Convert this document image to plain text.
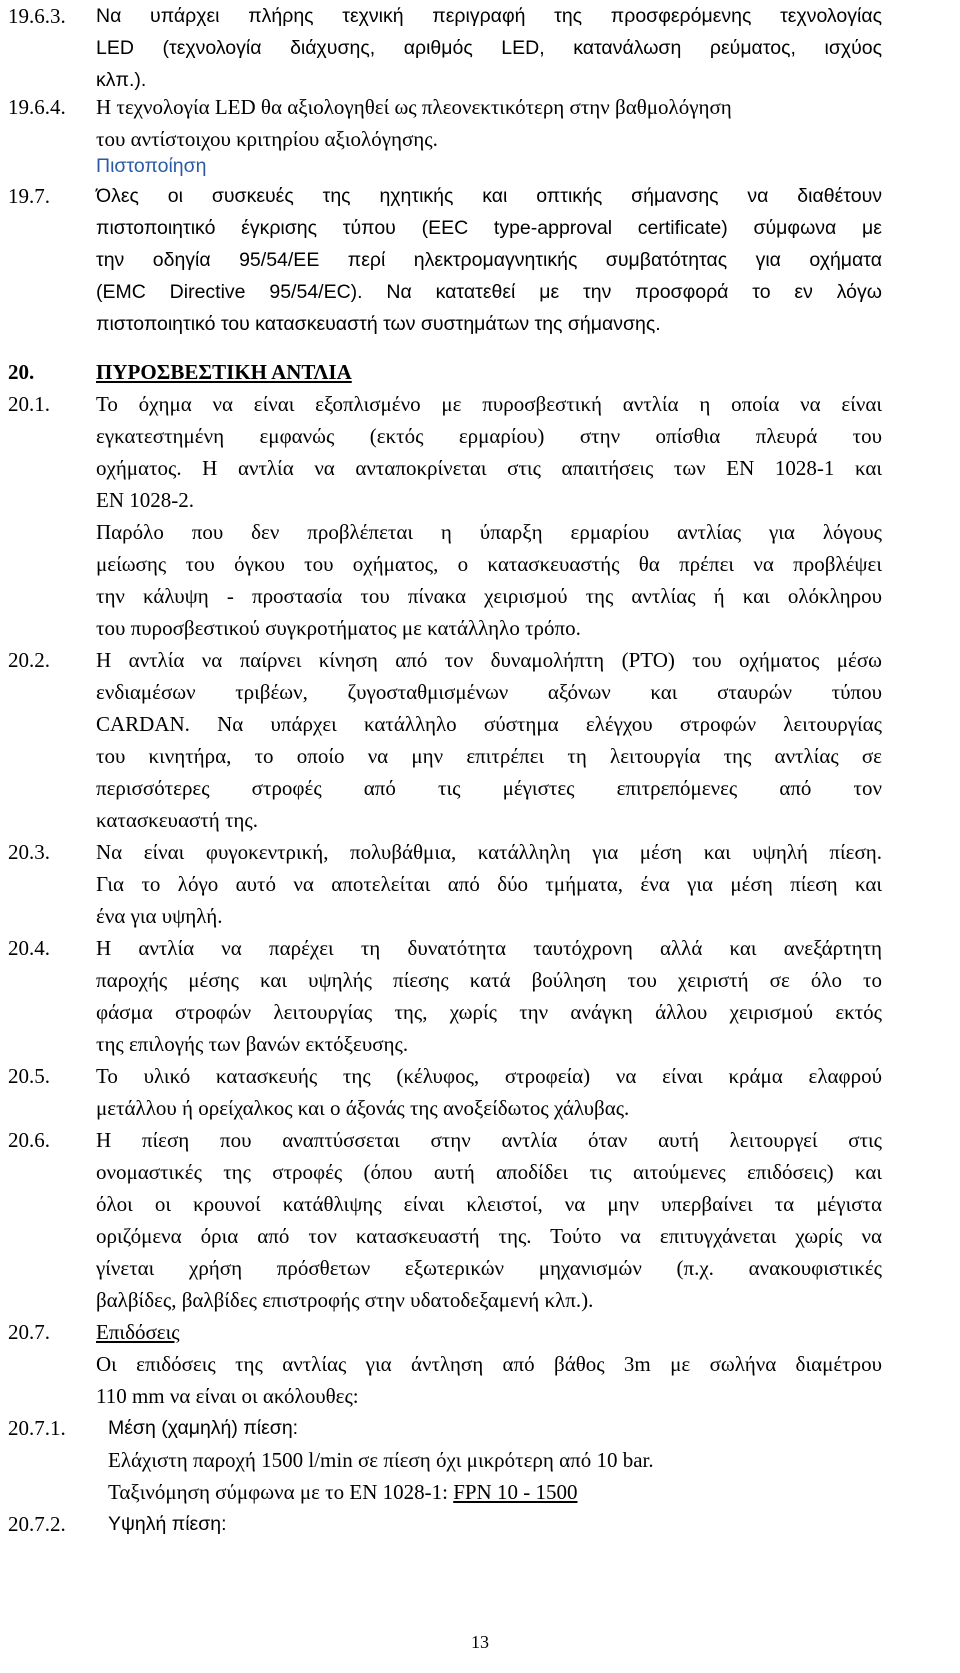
19.6.3. Να υπάρχει πλήρης τεχνική περιγραφή της προσφερόμενης τεχνολογίας
LED (τεχνολογία διάχυσης, αριθμός LED, κατανάλωση ρεύματος, ισχύος
κλπ.).
19.6.4. Η τεχνολογία LED θα αξιολογηθεί ως πλεονεκτικότερη στην βαθμολόγηση
του αντίστοιχου κριτηρίου αξιολόγησης.
Πιστοποίηση
19.7. Όλες οι συσκευές της ηχητικής και οπτικής σήμανσης να διαθέτουν
πιστοποιητικό έγκρισης τύπου (EEC type-approval certificate) σύμφωνα με
την οδηγία 95/54/ΕΕ περί ηλεκτρομαγνητικής συμβατότητας για οχήματα
(EMC Directive 95/54/EC). Να κατατεθεί με την προσφορά το εν λόγω
πιστοποιητικό του κατασκευαστή των συστημάτων της σήμανσης.
20.	ΠΥΡΟΣΒΕΣΤΙΚΗ ΑΝΤΛΙΑ
20.1. Το όχημα να είναι εξοπλισμένο με πυροσβεστική αντλία η οποία να είναι
εγκατεστημένη εμφανώς (εκτός ερμαρίου) στην οπίσθια πλευρά του
οχήματος. Η αντλία να ανταποκρίνεται στις απαιτήσεις των EN 1028-1 και
EN 1028-2.
Παρόλο που δεν προβλέπεται η ύπαρξη ερμαρίου αντλίας για λόγους
μείωσης του όγκου του οχήματος, ο κατασκευαστής θα πρέπει να προβλέψει
την κάλυψη - προστασία του πίνακα χειρισμού της αντλίας ή και ολόκληρου
του πυροσβεστικού συγκροτήματος με κατάλληλο τρόπο.
20.2. Η αντλία να παίρνει κίνηση από τον δυναμολήπτη (PTO) του οχήματος μέσω
ενδιαμέσων τριβέων, ζυγοσταθμισμένων αξόνων και σταυρών τύπου
CARDAN. Να υπάρχει κατάλληλο σύστημα ελέγχου στροφών λειτουργίας
του κινητήρα, το οποίο να μην επιτρέπει τη λειτουργία της αντλίας σε
περισσότερες στροφές από τις μέγιστες επιτρεπόμενες από τον
κατασκευαστή της.
20.3. Να είναι φυγοκεντρική, πολυβάθμια, κατάλληλη για μέση και υψηλή πίεση.
Για το λόγο αυτό να αποτελείται από δύο τμήματα, ένα για μέση πίεση και
ένα για υψηλή.
20.4. Η αντλία να παρέχει τη δυνατότητα ταυτόχρονη αλλά και ανεξάρτητη
παροχής μέσης και υψηλής πίεσης κατά βούληση του χειριστή σε όλο το
φάσμα στροφών λειτουργίας της, χωρίς την ανάγκη άλλου χειρισμού εκτός
της επιλογής των βανών εκτόξευσης.
20.5. Το υλικό κατασκευής της (κέλυφος, στροφεία) να είναι κράμα ελαφρού
μετάλλου ή ορείχαλκος και ο άξονάς της ανοξείδωτος χάλυβας.
20.6. Η πίεση που αναπτύσσεται στην αντλία όταν αυτή λειτουργεί στις
ονομαστικές της στροφές (όπου αυτή αποδίδει τις αιτούμενες επιδόσεις) και
όλοι οι κρουνοί κατάθλιψης είναι κλειστοί, να μην υπερβαίνει τα μέγιστα
οριζόμενα όρια από τον κατασκευαστή της. Τούτο να επιτυγχάνεται χωρίς να
γίνεται χρήση πρόσθετων εξωτερικών μηχανισμών (π.χ. ανακουφιστικές
βαλβίδες, βαλβίδες επιστροφής στην υδατοδεξαμενή κλπ.).
20.7. Επιδόσεις
Οι επιδόσεις της αντλίας για άντληση από βάθος 3m με σωλήνα διαμέτρου
110 mm να είναι οι ακόλουθες:
20.7.1. Μέση (χαμηλή) πίεση:
Ελάχιστη παροχή 1500 l/min σε πίεση όχι μικρότερη από 10 bar.
Ταξινόμηση σύμφωνα με το EN 1028-1: FPN 10 - 1500
20.7.2. Υψηλή πίεση:
13
